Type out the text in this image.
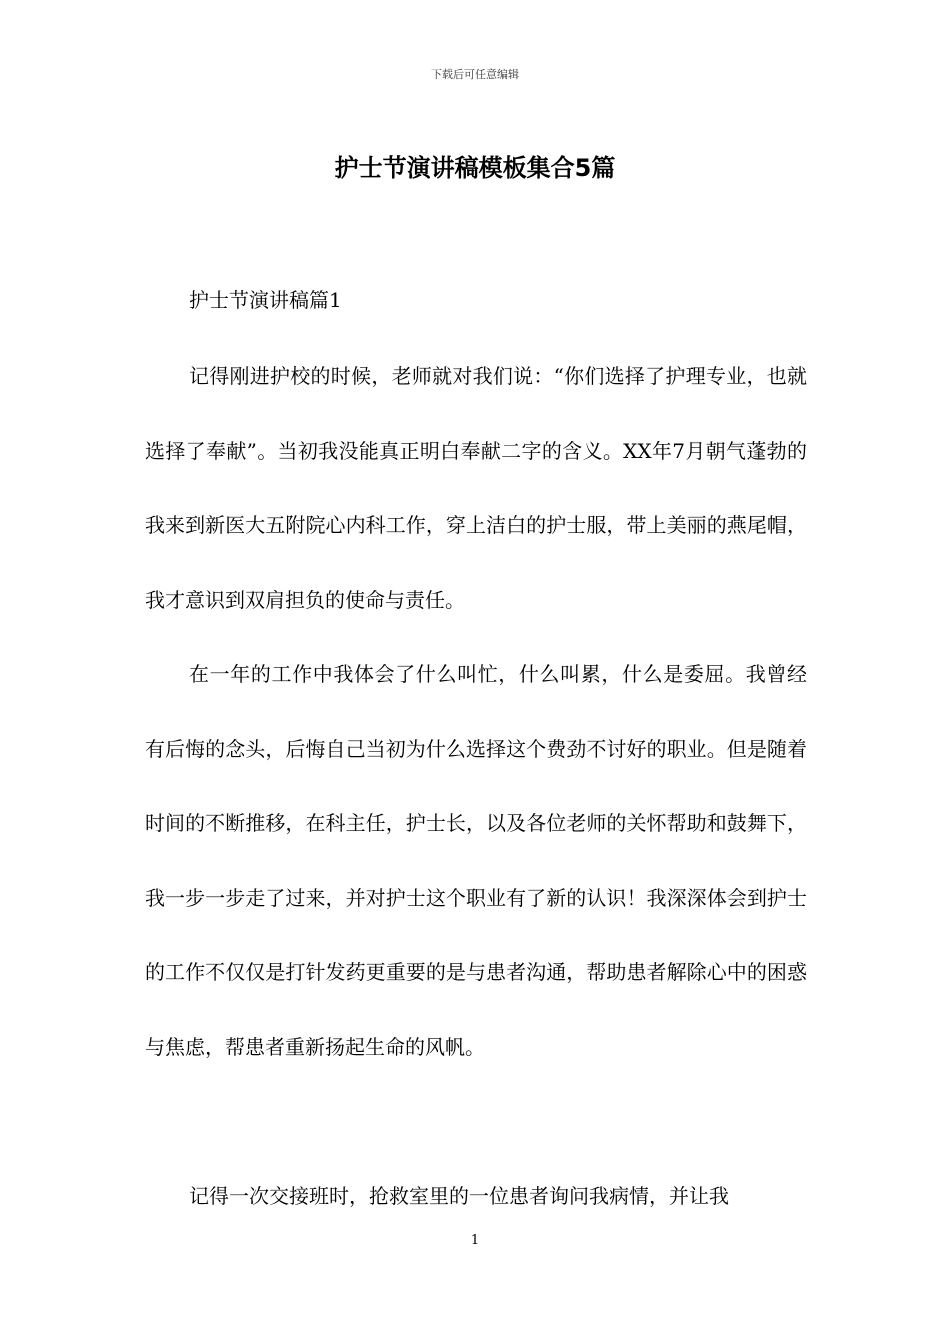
下载后可任意编辑
护士节演讲稿模板集合5篇
护士节演讲稿篇1

记得刚进护校的时候，老师就对我们说：“你们选择了护理专业，也就选择了奉献”。当初我没能真正明白奉献二字的含义。XX年7月朝气蓬勃的我来到新医大五附院心内科工作，穿上洁白的护士服，带上美丽的燕尾帽，我才意识到双肩担负的使命与责任。

在一年的工作中我体会了什么叫忙，什么叫累，什么是委屈。我曾经有后悔的念头，后悔自己当初为什么选择这个费劲不讨好的职业。但是随着时间的不断推移，在科主任，护士长，以及各位老师的关怀帮助和鼓舞下，我一步一步走了过来，并对护士这个职业有了新的认识！我深深体会到护士的工作不仅仅是打针发药更重要的是与患者沟通，帮助患者解除心中的困惑与焦虑，帮患者重新扬起生命的风帆。

记得一次交接班时，抢救室里的一位患者询问我病情，并让我

1
